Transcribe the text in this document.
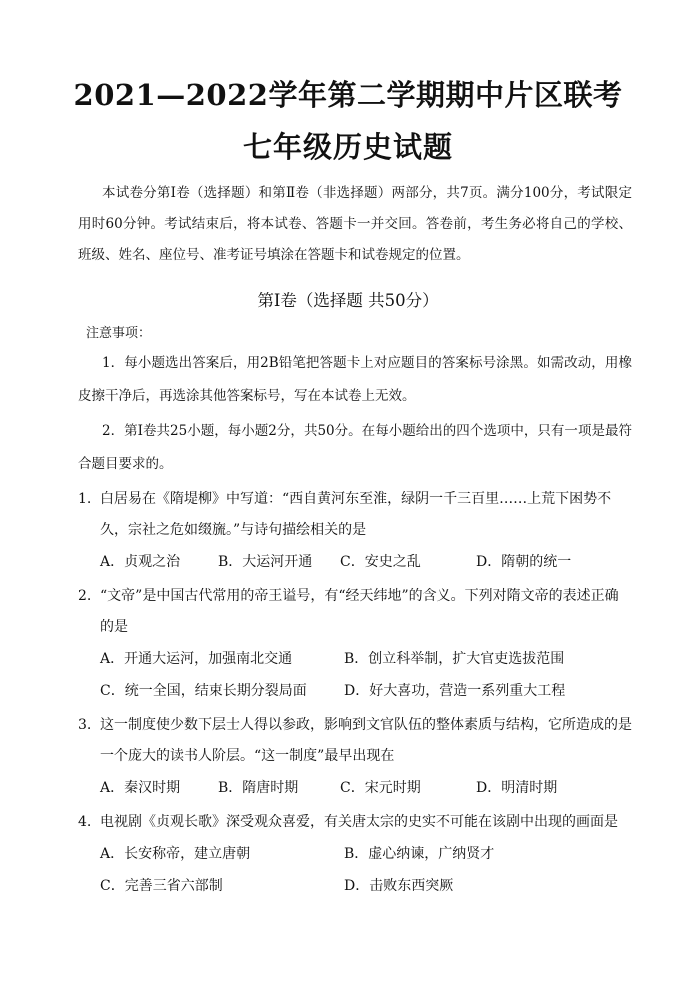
2021—2022学年第二学期期中片区联考
七年级历史试题
本试卷分第Ⅰ卷（选择题）和第Ⅱ卷（非选择题）两部分，共7页。满分100分，考试限定用时60分钟。考试结束后，将本试卷、答题卡一并交回。答卷前，考生务必将自己的学校、班级、姓名、座位号、准考证号填涂在答题卡和试卷规定的位置。
第Ⅰ卷（选择题 共50分）
注意事项：
1．每小题选出答案后，用2B铅笔把答题卡上对应题目的答案标号涂黑。如需改动，用橡皮擦干净后，再选涂其他答案标号，写在本试卷上无效。
2．第Ⅰ卷共25小题，每小题2分，共50分。在每小题给出的四个选项中，只有一项是最符合题目要求的。
1. 白居易在《隋堤柳》中写道：“西自黄河东至淮，绿阴一千三百里……上荒下困势不久，宗社之危如缀旒。”与诗句描绘相关的是
A．贞观之治	B．大运河开通 C．安史之乱	D．隋朝的统一
2. “文帝”是中国古代常用的帝王谥号，有“经天纬地”的含义。下列对隋文帝的表述正确的是
A．开通大运河，加强南北交通	B．创立科举制，扩大官吏选拔范围
C．统一全国，结束长期分裂局面	D．好大喜功，营造一系列重大工程
3. 这一制度使少数下层士人得以参政，影响到文官队伍的整体素质与结构，它所造成的是一个庞大的读书人阶层。“这一制度”最早出现在
A．秦汉时期	B．隋唐时期	C．宋元时期	D．明清时期
4. 电视剧《贞观长歌》深受观众喜爱，有关唐太宗的史实不可能在该剧中出现的画面是
A．长安称帝，建立唐朝	B．虚心纳谏，广纳贤才
C．完善三省六部制	D．击败东西突厥
